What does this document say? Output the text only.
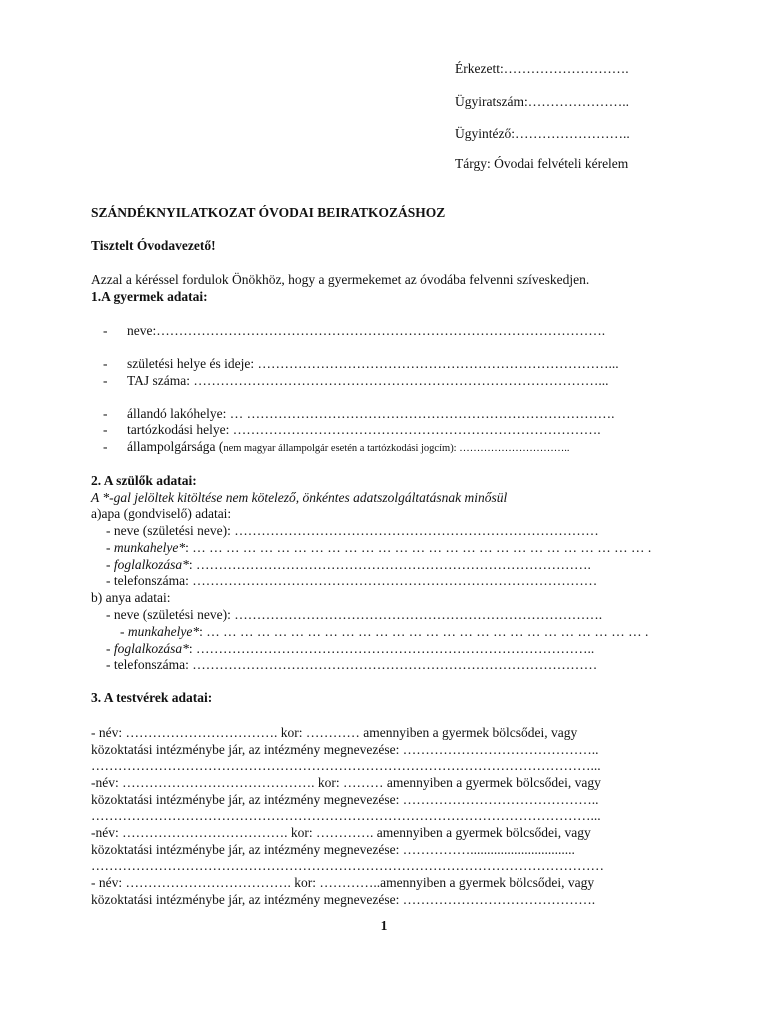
Érkezett:……………………….
Ügyiratszám:…………………..
Ügyintéző:……………………..
Tárgy: Óvodai felvételi kérelem
SZÁNDÉKNYILATKOZAT ÓVODAI BEIRATKOZÁSHOZ
Tisztelt Óvodavezető!
Azzal a kéréssel fordulok Önökhöz, hogy a gyermekemet az óvodába felvenni szíveskedjen.
1.A gyermek adatai:
- neve:……………………………………………………………………………………….
- születési helye és ideje: ……………………………………………………………………...
- TAJ száma: ………………………………………………………………………………...
- állandó lakóhelye: … ……………………………………………………………………….
- tartózkodási helye: ……………………………………………………………………….
- állampolgársága (nem magyar állampolgár esetén a tartózkodási jogcím): …………………………..
2. A szülők adatai:
A *-gal jelöltek kitöltése nem kötelező, önkéntes adatszolgáltatásnak minősül
a)apa (gondviselő) adatai:
- neve (születési neve): ………………………………………………………………………
- munkahelye*: … … … … … … … … … … … … … … … … … … … … … … … … … … … .
- foglalkozása*: …………………………………………………………………………….
- telefonszáma: ………………………………………………………………………………
b) anya adatai:
- neve (születési neve): ……………………………………………………………………….
- munkahelye*: … … … … … … … … … … … … … … … … … … … … … … … … … … .
- foglalkozása*: ……………………………………………………………………………..
- telefonszáma: ………………………………………………………………………………
3. A testvérek adatai:
- név: ……………………………. kor: ………… amennyiben a gyermek bölcsődei, vagy
közoktatási intézménybe jár, az intézmény megnevezése: ……………………………………..
…………………………………………………………………………………………………...
-név: ……………………………………. kor: ……… amennyiben a gyermek bölcsődei, vagy
közoktatási intézménybe jár, az intézmény megnevezése: ……………………………………..
…………………………………………………………………………………………………...
-név: ………………………………. kor: …………. amennyiben a gyermek bölcsődei, vagy
közoktatási intézménybe jár, az intézmény megnevezése: ……………...............................
……………………………………………………………………………………………………
- név: ………………………………. kor: …………..amennyiben a gyermek bölcsődei, vagy
közoktatási intézménybe jár, az intézmény megnevezése: …………………………………….
1
